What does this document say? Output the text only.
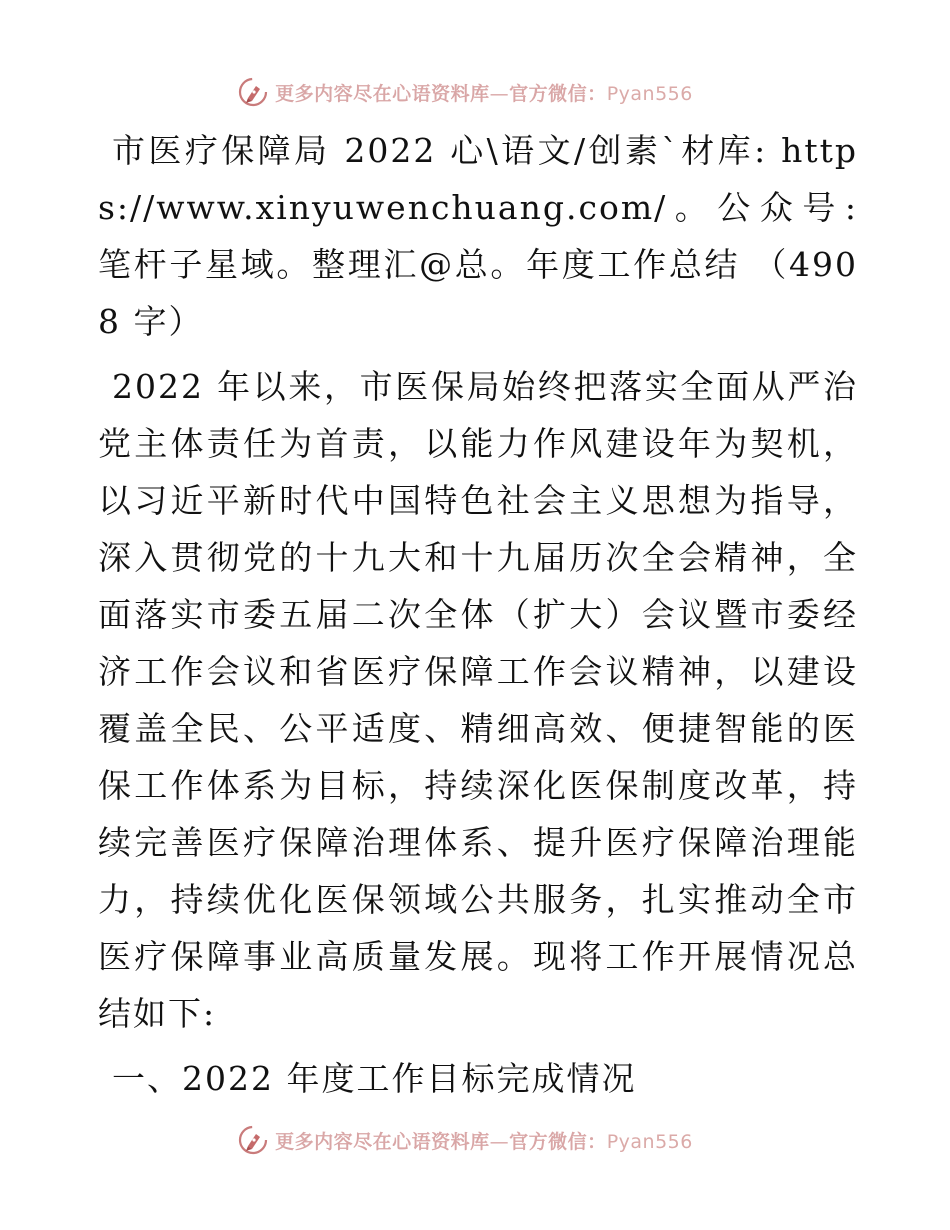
更多内容尽在心语资料库—官方微信：Pyan556

市医疗保障局 2022 心\语文/创素`材库: https://www.xinyuwenchuang.com/。公众号: 笔杆子星域。整理汇@总。年度工作总结 （4908 字）

2022 年以来，市医保局始终把落实全面从严治党主体责任为首责，以能力作风建设年为契机，以习近平新时代中国特色社会主义思想为指导，深入贯彻党的十九大和十九届历次全会精神，全面落实市委五届二次全体（扩大）会议暨市委经济工作会议和省医疗保障工作会议精神，以建设覆盖全民、公平适度、精细高效、便捷智能的医保工作体系为目标，持续深化医保制度改革，持续完善医疗保障治理体系、提升医疗保障治理能力，持续优化医保领域公共服务，扎实推动全市医疗保障事业高质量发展。现将工作开展情况总结如下:

一、2022 年度工作目标完成情况

更多内容尽在心语资料库—官方微信：Pyan556
